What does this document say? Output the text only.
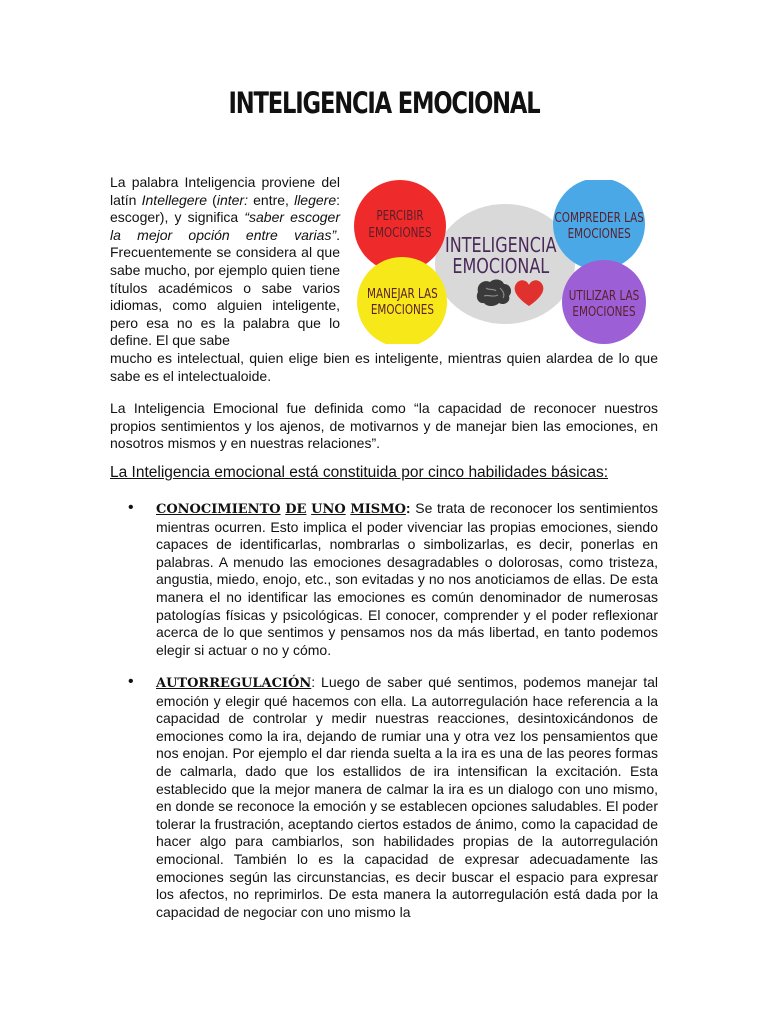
INTELIGENCIA EMOCIONAL

La palabra Inteligencia proviene del latín Intellegere (inter: entre, llegere: escoger), y significa “saber escoger la mejor opción entre varias”. Frecuentemente se considera al que sabe mucho, por ejemplo quien tiene títulos académicos o sabe varios idiomas, como alguien inteligente, pero esa no es la palabra que lo define. El que sabe

mucho es intelectual, quien elige bien es inteligente, mientras quien alardea de lo que sabe es el intelectualoide.

INTELIGENCIA
EMOCIONAL
PERCIBIR
EMOCIONES
COMPREDER LAS
EMOCIONES
MANEJAR LAS
EMOCIONES
UTILIZAR LAS
EMOCIONES

La Inteligencia Emocional fue definida como “la capacidad de reconocer nuestros propios sentimientos y los ajenos, de motivarnos y de manejar bien las emociones, en nosotros mismos y en nuestras relaciones”.

La Inteligencia emocional está constituida por cinco habilidades básicas:

• CONOCIMIENTO DE UNO MISMO: Se trata de reconocer los sentimientos mientras ocurren. Esto implica el poder vivenciar las propias emociones, siendo capaces de identificarlas, nombrarlas o simbolizarlas, es decir, ponerlas en palabras. A menudo las emociones desagradables o dolorosas, como tristeza, angustia, miedo, enojo, etc., son evitadas y no nos anoticiamos de ellas. De esta manera el no identificar las emociones es común denominador de numerosas patologías físicas y psicológicas. El conocer, comprender y el poder reflexionar acerca de lo que sentimos y pensamos nos da más libertad, en tanto podemos elegir si actuar o no y cómo.

• AUTORREGULACIÓN: Luego de saber qué sentimos, podemos manejar tal emoción y elegir qué hacemos con ella. La autorregulación hace referencia a la capacidad de controlar y medir nuestras reacciones, desintoxicándonos de emociones como la ira, dejando de rumiar una y otra vez los pensamientos que nos enojan. Por ejemplo el dar rienda suelta a la ira es una de las peores formas de calmarla, dado que los estallidos de ira intensifican la excitación. Esta establecido que la mejor manera de calmar la ira es un dialogo con uno mismo, en donde se reconoce la emoción y se establecen opciones saludables. El poder tolerar la frustración, aceptando ciertos estados de ánimo, como la capacidad de hacer algo para cambiarlos, son habilidades propias de la autorregulación emocional. También lo es la capacidad de expresar adecuadamente las emociones según las circunstancias, es decir buscar el espacio para expresar los afectos, no reprimirlos. De esta manera la autorregulación está dada por la capacidad de negociar con uno mismo la
